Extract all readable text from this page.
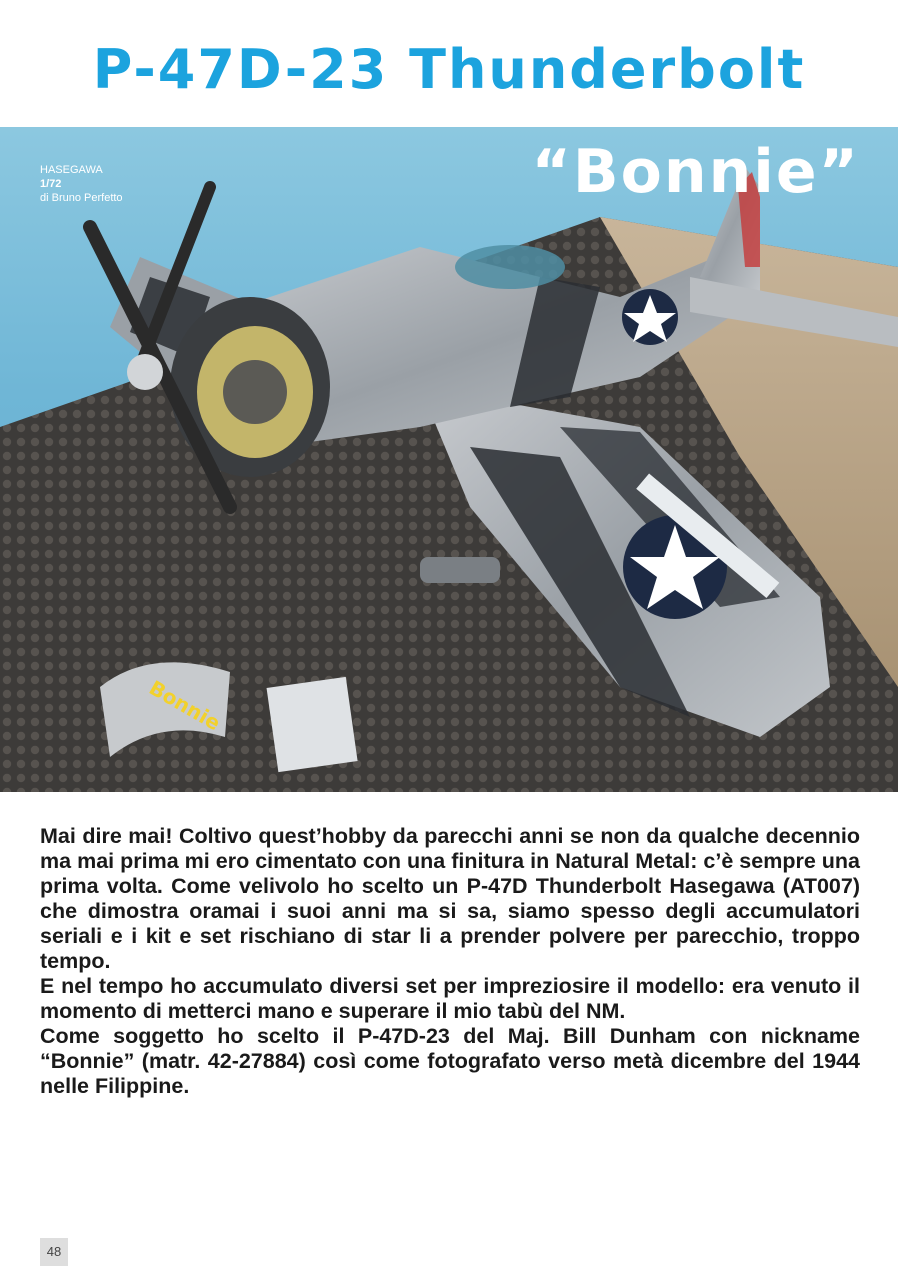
P-47D-23 Thunderbolt
Bonnie
HASEGAWA
1/72
di Bruno Perfetto	“Bonnie”

Mai dire mai! Coltivo quest’hobby da parecchi anni se non da qualche decennio ma mai prima mi ero cimentato con una finitura in Natural Metal: c’è sempre una prima volta. Come velivolo ho scelto un P-47D Thunderbolt Hasegawa (AT007) che dimostra oramai i suoi anni ma si sa, siamo spesso degli accumulatori seriali e i kit e set rischiano di star li a prender polvere per parecchio, troppo tempo.

E nel tempo ho accumulato diversi set per impreziosire il modello: era venuto il momento di metterci mano e superare il mio tabù del NM.

Come soggetto ho scelto il P-47D-23 del Maj. Bill Dunham con nickname “Bonnie” (matr. 42-27884) così come fotografato verso metà dicembre del 1944 nelle Filippine.

48
